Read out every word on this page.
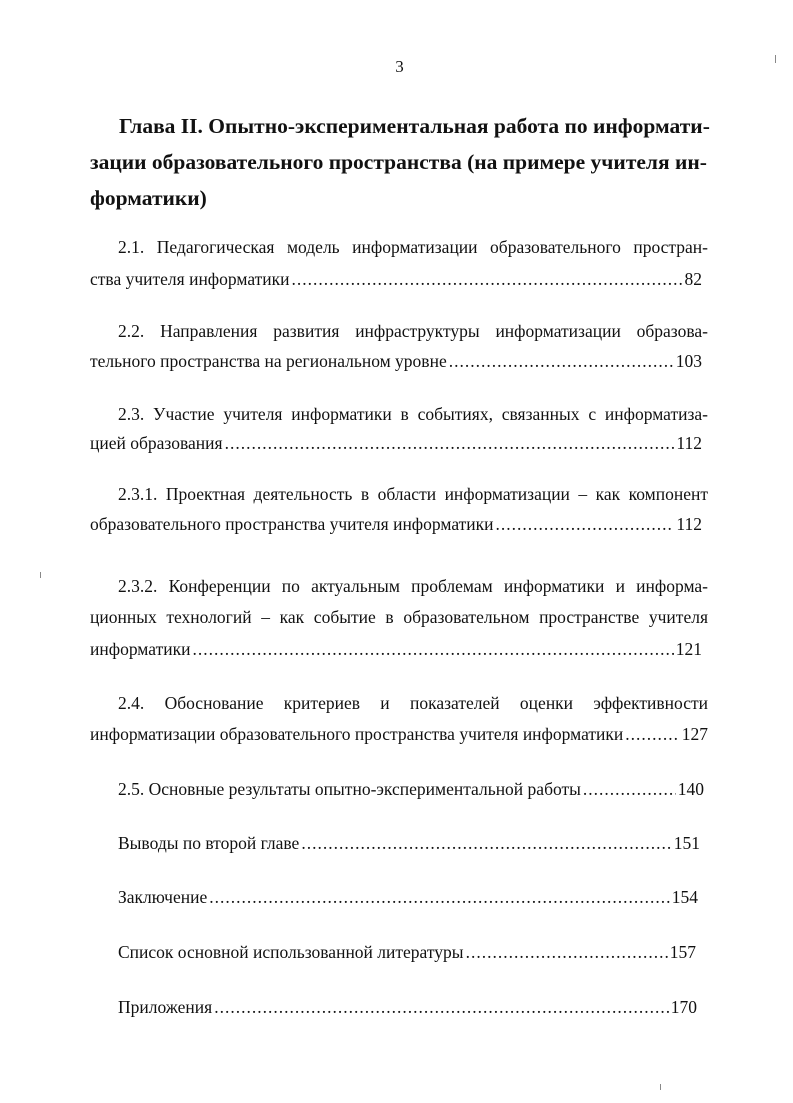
3
Глава II. Опытно-экспериментальная работа по информати-
зации образовательного пространства (на примере учителя ин-
форматики)
2.1. Педагогическая модель информатизации образовательного простран-
ства учителя информатики .....	82
2.2. Направления развития инфраструктуры информатизации образова-
тельного пространства на региональном уровне .....	103
2.3. Участие учителя информатики в событиях, связанных с информатиза-
цией образования .....	112
2.3.1. Проектная деятельность в области информатизации – как компонент
образовательного пространства учителя информатики .....	112
2.3.2. Конференции по актуальным проблемам информатики и информа-
ционных технологий – как событие в образовательном пространстве учителя
информатики .....	121
2.4. Обоснование критериев и показателей оценки эффективности
информатизации образовательного пространства учителя информатики .....	127
2.5. Основные результаты опытно-экспериментальной работы .....	140
Выводы по второй главе .....	151
Заключение .....	154
Список основной использованной литературы .....	157
Приложения .....	170
